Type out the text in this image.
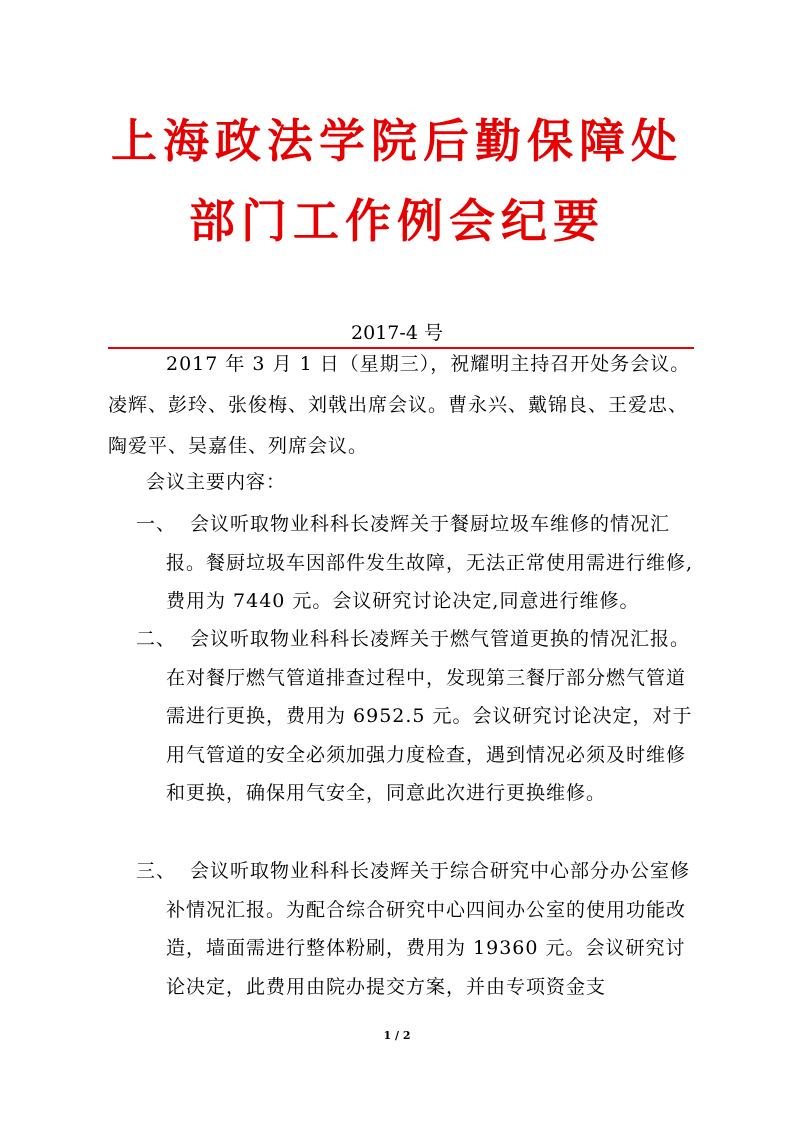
上海政法学院后勤保障处
部门工作例会纪要
2017-4 号
2017 年 3 月 1 日（星期三），祝耀明主持召开处务会议。凌辉、彭玲、张俊梅、刘戟出席会议。曹永兴、戴锦良、王爱忠、陶爱平、吴嘉佳、列席会议。
会议主要内容：
一、 会议听取物业科科长凌辉关于餐厨垃圾车维修的情况汇报。餐厨垃圾车因部件发生故障，无法正常使用需进行维修,费用为 7440 元。会议研究讨论决定,同意进行维修。
二、 会议听取物业科科长凌辉关于燃气管道更换的情况汇报。在对餐厅燃气管道排查过程中，发现第三餐厅部分燃气管道需进行更换，费用为 6952.5 元。会议研究讨论决定，对于用气管道的安全必须加强力度检查，遇到情况必须及时维修和更换，确保用气安全，同意此次进行更换维修。
三、 会议听取物业科科长凌辉关于综合研究中心部分办公室修补情况汇报。为配合综合研究中心四间办公室的使用功能改造，墙面需进行整体粉刷，费用为 19360 元。会议研究讨论决定，此费用由院办提交方案，并由专项资金支
1 / 2
